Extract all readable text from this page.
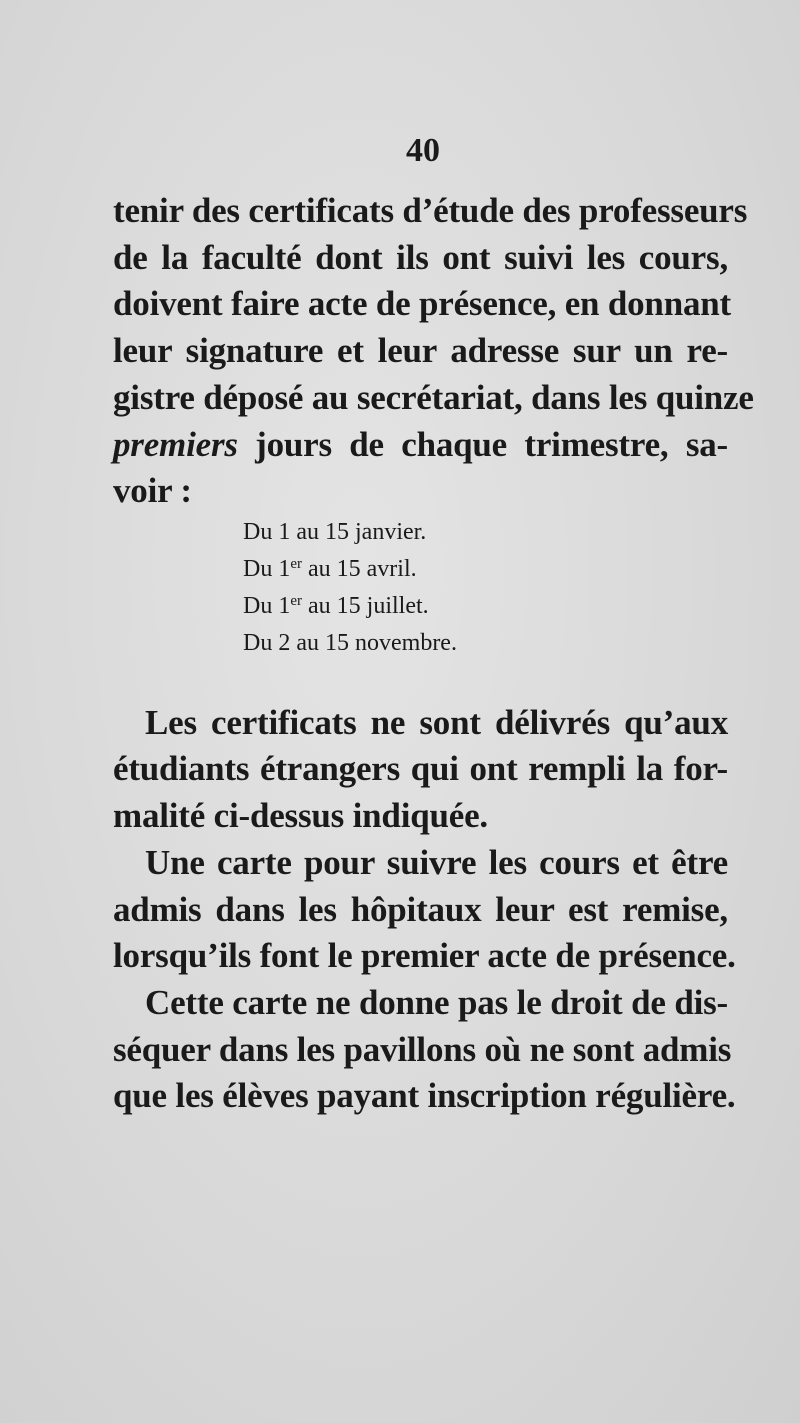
40
tenir des certificats d’étude des professeurs
de la faculté dont ils ont suivi les cours,
doivent faire acte de présence, en donnant
leur signature et leur adresse sur un re-
gistre déposé au secrétariat, dans les quinze
premiers jours de chaque trimestre, sa-
voir :
Du 1 au 15 janvier.
Du 1er au 15 avril.
Du 1er au 15 juillet.
Du 2 au 15 novembre.
Les certificats ne sont délivrés qu’aux
étudiants étrangers qui ont rempli la for-
malité ci-dessus indiquée.
Une carte pour suivre les cours et être
admis dans les hôpitaux leur est remise,
lorsqu’ils font le premier acte de présence.
Cette carte ne donne pas le droit de dis-
séquer dans les pavillons où ne sont admis
que les élèves payant inscription régulière.
